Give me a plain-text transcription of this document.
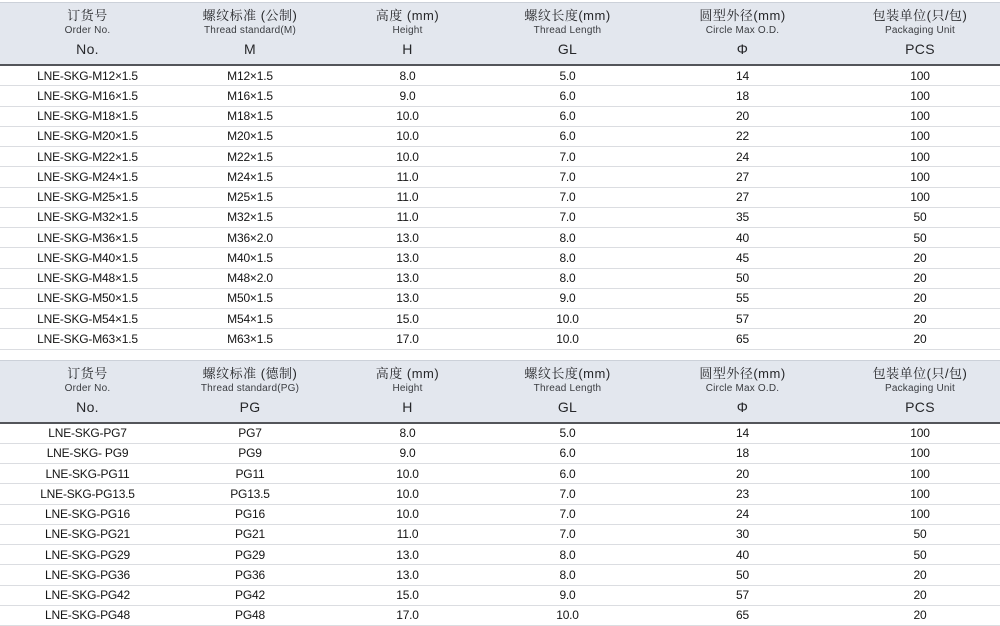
订货号
Order No.
螺纹标准 (公制)
Thread standard(M)
高度 (mm)
Height
螺纹长度(mm)
Thread Length
圆型外径(mm)
Circle Max O.D.
包装单位(只/包)
Packaging Unit
No.	M	H	GL	Φ	PCS
LNE-SKG-M12×1.5	M12×1.5	8.0	5.0	14	100
LNE-SKG-M16×1.5	M16×1.5	9.0	6.0	18	100
LNE-SKG-M18×1.5	M18×1.5	10.0	6.0	20	100
LNE-SKG-M20×1.5	M20×1.5	10.0	6.0	22	100
LNE-SKG-M22×1.5	M22×1.5	10.0	7.0	24	100
LNE-SKG-M24×1.5	M24×1.5	11.0	7.0	27	100
LNE-SKG-M25×1.5	M25×1.5	11.0	7.0	27	100
LNE-SKG-M32×1.5	M32×1.5	11.0	7.0	35	50
LNE-SKG-M36×1.5	M36×2.0	13.0	8.0	40	50
LNE-SKG-M40×1.5	M40×1.5	13.0	8.0	45	20
LNE-SKG-M48×1.5	M48×2.0	13.0	8.0	50	20
LNE-SKG-M50×1.5	M50×1.5	13.0	9.0	55	20
LNE-SKG-M54×1.5	M54×1.5	15.0	10.0	57	20
LNE-SKG-M63×1.5	M63×1.5	17.0	10.0	65	20
订货号
Order No.
螺纹标准 (德制)
Thread standard(PG)
高度 (mm)
Height
螺纹长度(mm)
Thread Length
圆型外径(mm)
Circle Max O.D.
包装单位(只/包)
Packaging Unit
No.	PG	H	GL	Φ	PCS
LNE-SKG-PG7	PG7	8.0	5.0	14	100
LNE-SKG- PG9	PG9	9.0	6.0	18	100
LNE-SKG-PG11	PG11	10.0	6.0	20	100
LNE-SKG-PG13.5	PG13.5	10.0	7.0	23	100
LNE-SKG-PG16	PG16	10.0	7.0	24	100
LNE-SKG-PG21	PG21	11.0	7.0	30	50
LNE-SKG-PG29	PG29	13.0	8.0	40	50
LNE-SKG-PG36	PG36	13.0	8.0	50	20
LNE-SKG-PG42	PG42	15.0	9.0	57	20
LNE-SKG-PG48	PG48	17.0	10.0	65	20
